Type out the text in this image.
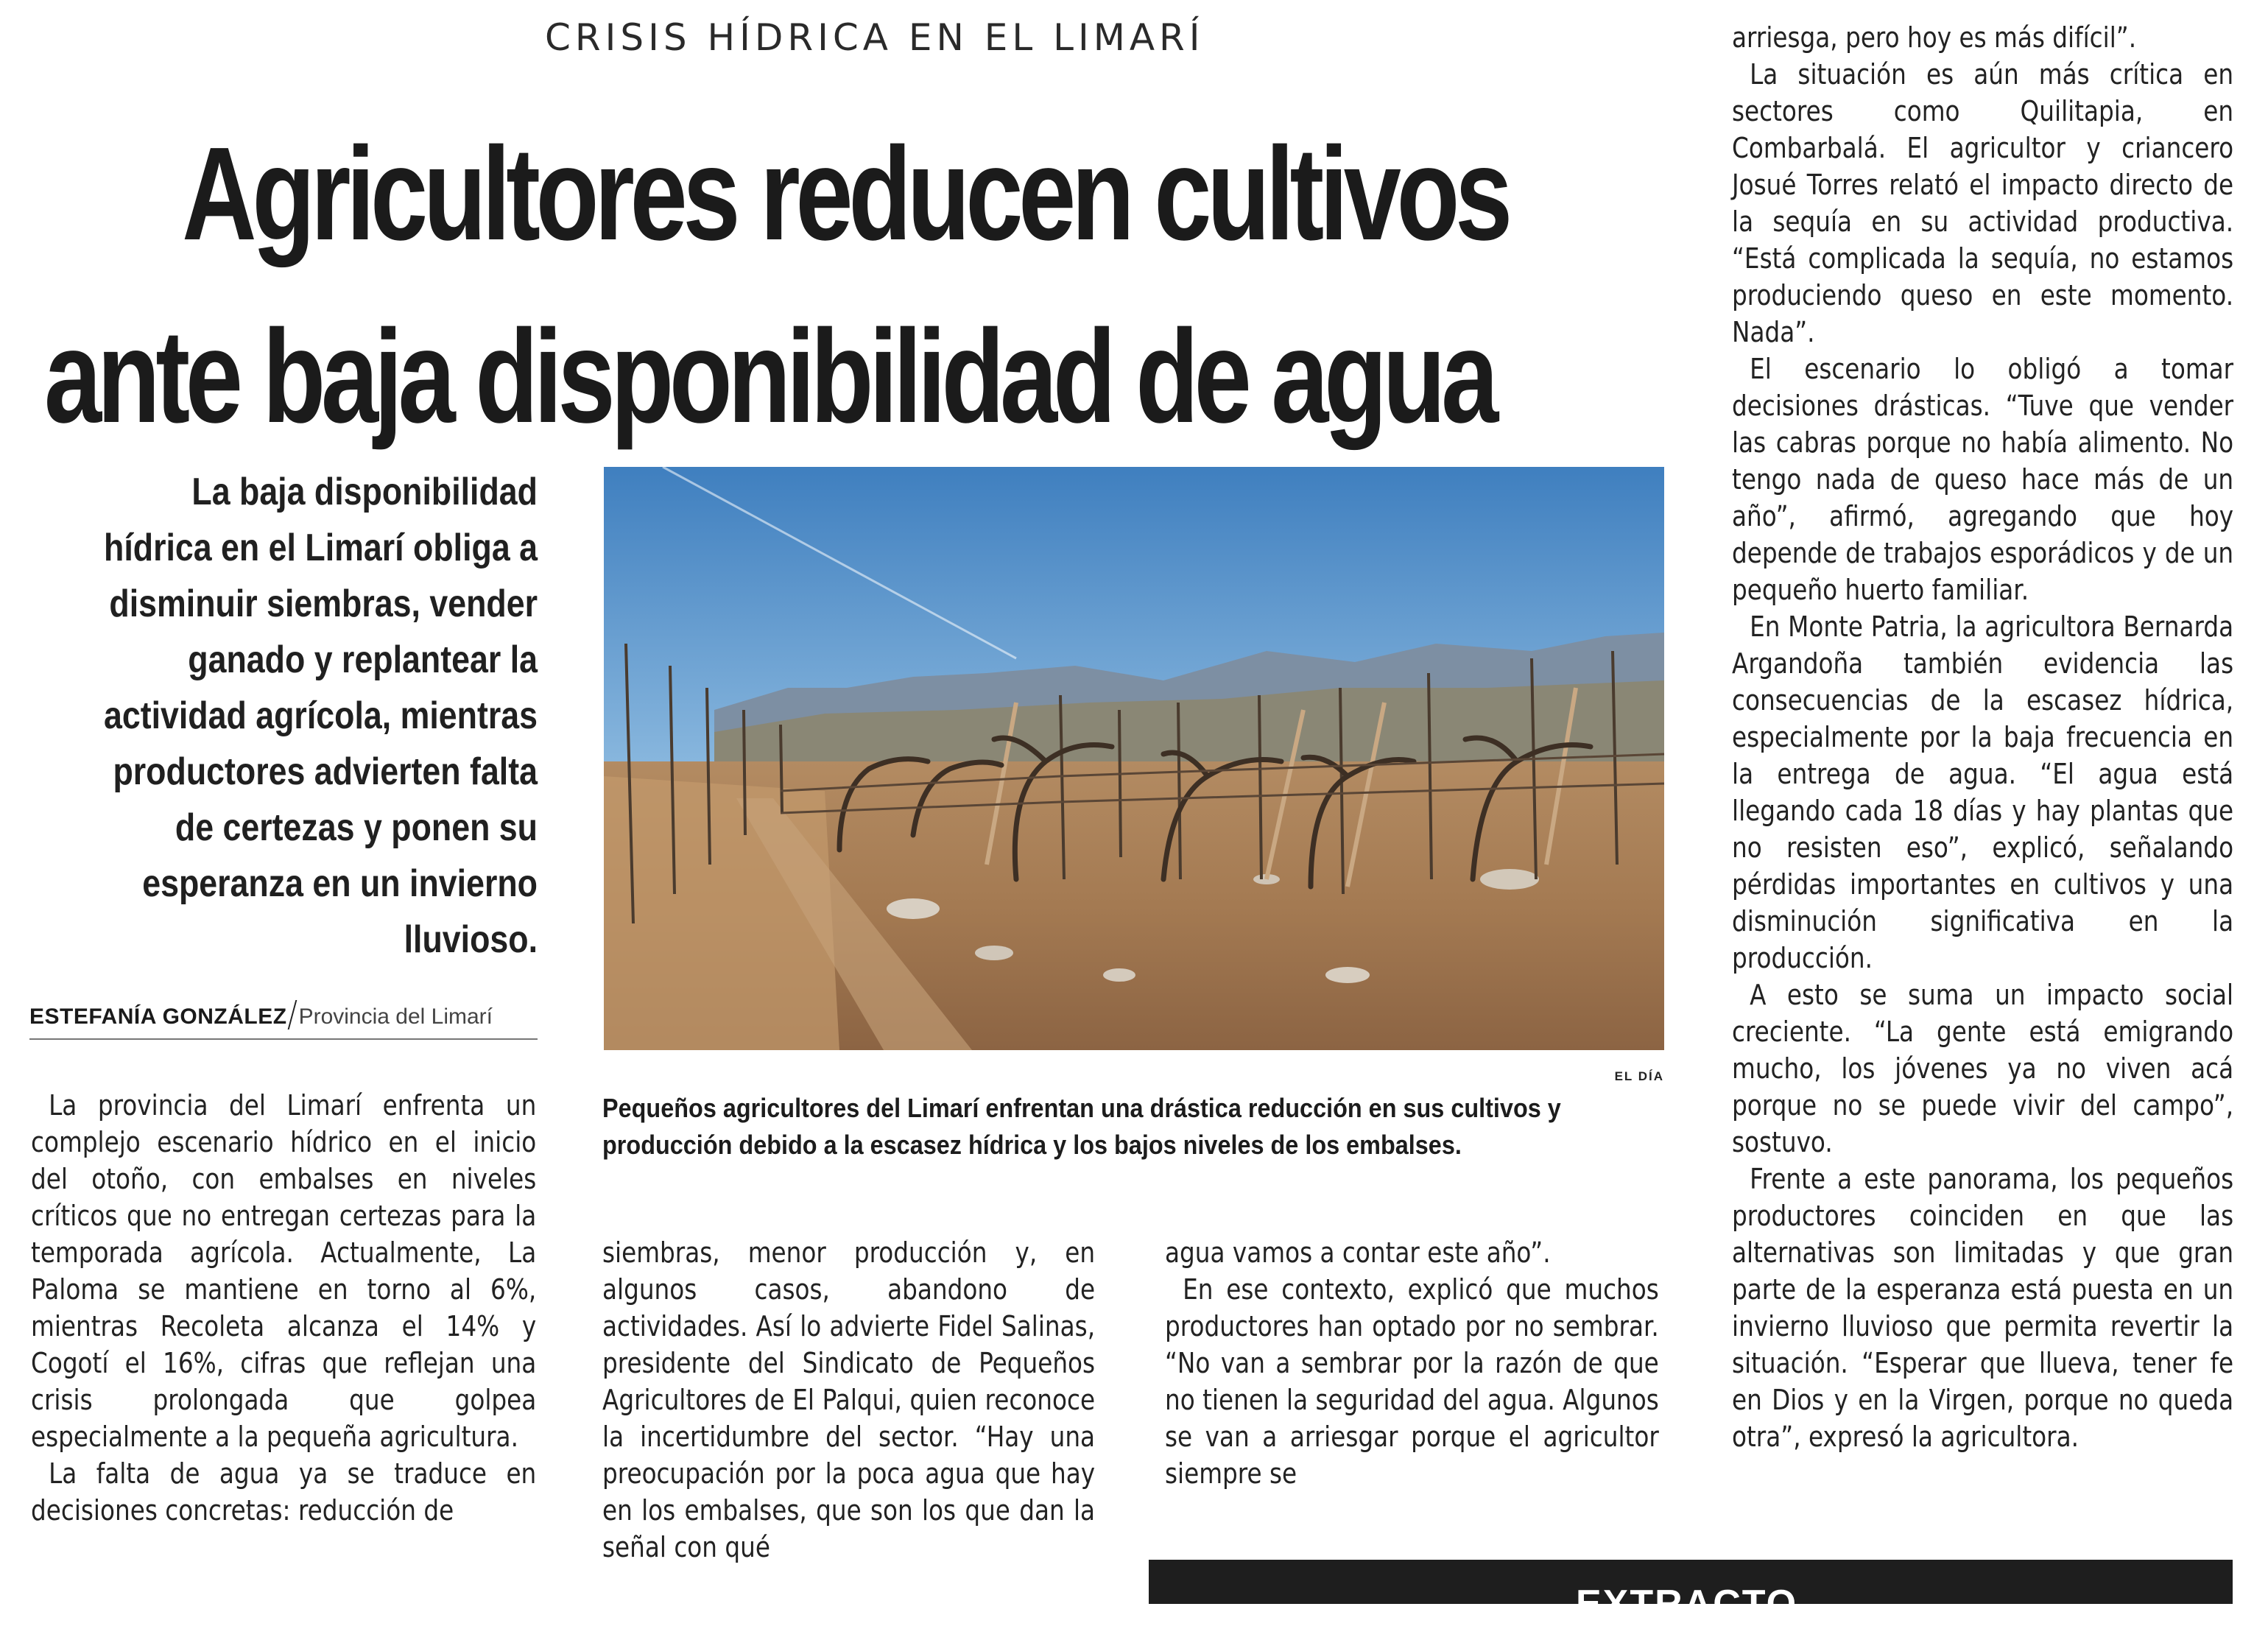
CRISIS HÍDRICA EN EL LIMARÍ
Agricultores reducen cultivos
ante baja disponibilidad de agua
La baja disponibilidad hídrica en el Limarí obliga a disminuir siembras, vender ganado y replantear la actividad agrícola, mientras productores advierten falta de certezas y ponen su esperanza en un invierno lluvioso.
ESTEFANÍA GONZÁLEZ Provincia del Limarí
EL DÍA
Pequeños agricultores del Limarí enfrentan una drástica reducción en sus cultivos y producción debido a la escasez hídrica y los bajos niveles de los embalses.

La provincia del Limarí enfrenta un complejo escenario hídrico en el inicio del otoño, con embalses en niveles críticos que no entregan certezas para la temporada agrícola. Actualmente, La Paloma se mantiene en torno al 6%, mientras Recoleta alcanza el 14% y Cogotí el 16%, cifras que reflejan una crisis prolongada que golpea especialmente a la pequeña agricultura.

La falta de agua ya se traduce en decisiones concretas: reducción de

siembras, menor producción y, en algunos casos, abandono de actividades. Así lo advierte Fidel Salinas, presidente del Sindicato de Pequeños Agricultores de El Palqui, quien reconoce la incertidumbre del sector. “Hay una preocupación por la poca agua que hay en los embalses, que son los que dan la señal con qué

agua vamos a contar este año”.

En ese contexto, explicó que muchos productores han optado por no sembrar. “No van a sembrar por la razón de que no tienen la seguridad del agua. Algunos se van a arriesgar porque el agricultor siempre se

arriesga, pero hoy es más difícil”.

La situación es aún más crítica en sectores como Quilitapia, en Combarbalá. El agricultor y criancero Josué Torres relató el impacto directo de la sequía en su actividad productiva. “Está complicada la sequía, no estamos produciendo queso en este momento. Nada”.

El escenario lo obligó a tomar decisiones drásticas. “Tuve que vender las cabras porque no había alimento. No tengo nada de queso hace más de un año”, afirmó, agregando que hoy depende de trabajos esporádicos y de un pequeño huerto familiar.

En Monte Patria, la agricultora Bernarda Argandoña también evidencia las consecuencias de la escasez hídrica, especialmente por la baja frecuencia en la entrega de agua. “El agua está llegando cada 18 días y hay plantas que no resisten eso”, explicó, señalando pérdidas importantes en cultivos y una disminución significativa en la producción.

A esto se suma un impacto social creciente. “La gente está emigrando mucho, los jóvenes ya no viven acá porque no se puede vivir del campo”, sostuvo.

Frente a este panorama, los pequeños productores coinciden en que las alternativas son limitadas y que gran parte de la esperanza está puesta en un invierno lluvioso que permita revertir la situación. “Esperar que llueva, tener fe en Dios y en la Virgen, porque no queda otra”, expresó la agricultora.

EXTRACTO
